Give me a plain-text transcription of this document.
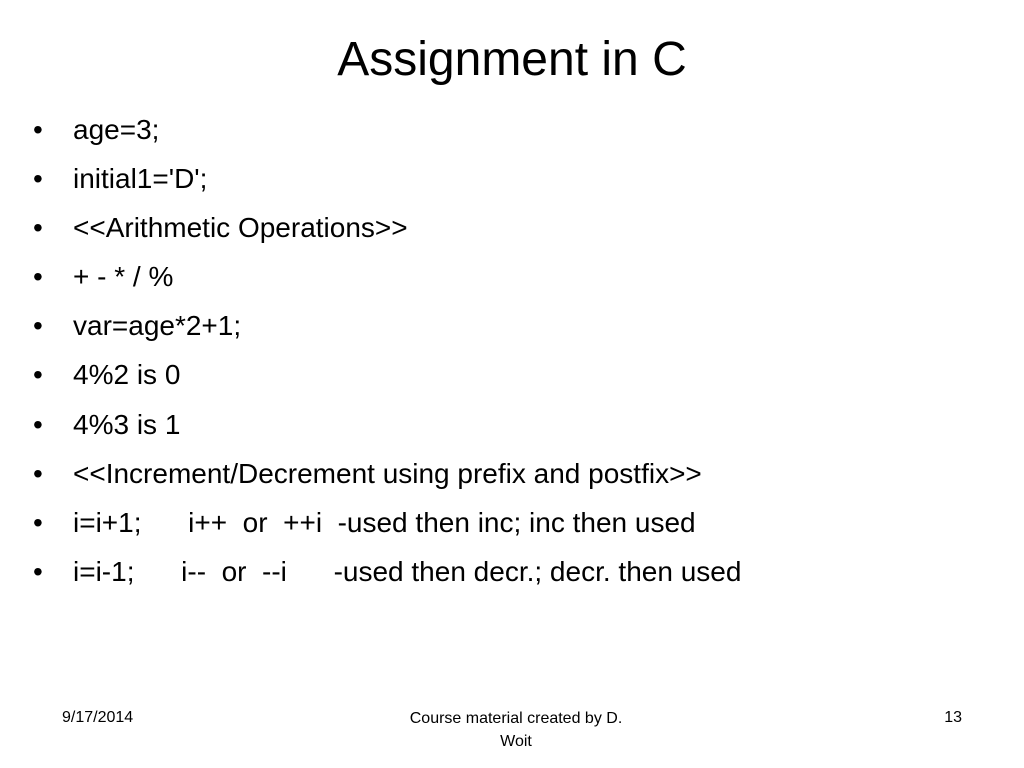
Assignment in C

•

	age=3;

•

	initial1='D';

•

	<<Arithmetic Operations>>

•

	+ - * / %

•

	var=age*2+1;

•

	4%2 is 0

•

	4%3 is 1

•

	<<Increment/Decrement using prefix and postfix>>

•

	i=i+1;      i++  or  ++i  -used then inc; inc then used

•

	i=i-1;      i--  or  --i      -used then decr.; decr. then used

9/17/2014	Course material created by D.
Woit
13
